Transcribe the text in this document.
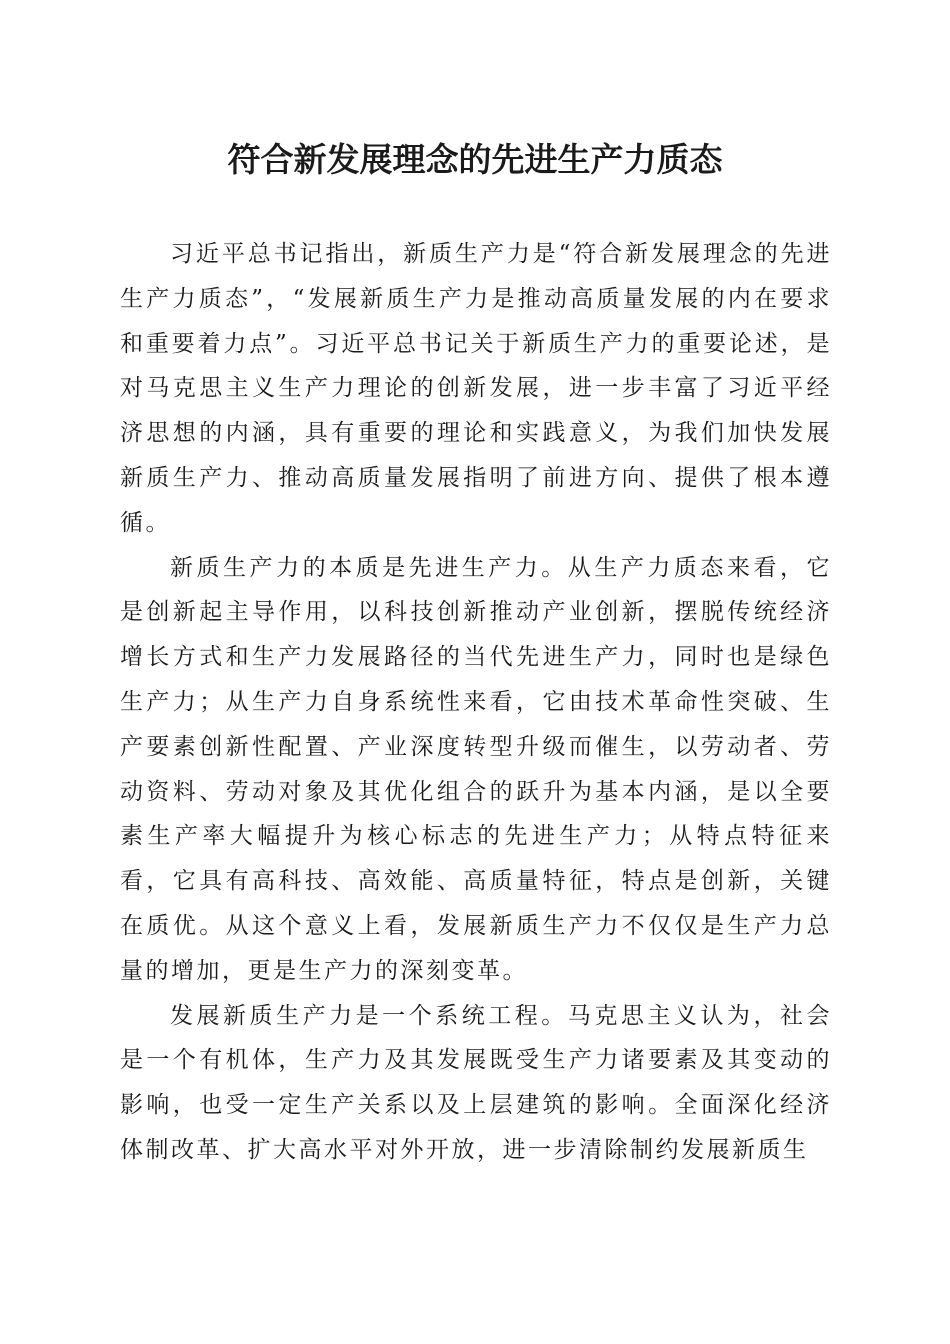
符合新发展理念的先进生产力质态

习近平总书记指出，新质生产力是“符合新发展理念的先进生产力质态”，“发展新质生产力是推动高质量发展的内在要求和重要着力点”。习近平总书记关于新质生产力的重要论述，是对马克思主义生产力理论的创新发展，进一步丰富了习近平经济思想的内涵，具有重要的理论和实践意义，为我们加快发展新质生产力、推动高质量发展指明了前进方向、提供了根本遵循。

新质生产力的本质是先进生产力。从生产力质态来看，它是创新起主导作用，以科技创新推动产业创新，摆脱传统经济增长方式和生产力发展路径的当代先进生产力，同时也是绿色生产力；从生产力自身系统性来看，它由技术革命性突破、生产要素创新性配置、产业深度转型升级而催生，以劳动者、劳动资料、劳动对象及其优化组合的跃升为基本内涵，是以全要素生产率大幅提升为核心标志的先进生产力；从特点特征来看，它具有高科技、高效能、高质量特征，特点是创新，关键在质优。从这个意义上看，发展新质生产力不仅仅是生产力总量的增加，更是生产力的深刻变革。

发展新质生产力是一个系统工程。马克思主义认为，社会是一个有机体，生产力及其发展既受生产力诸要素及其变动的影响，也受一定生产关系以及上层建筑的影响。全面深化经济体制改革、扩大高水平对外开放，进一步清除制约发展新质生
